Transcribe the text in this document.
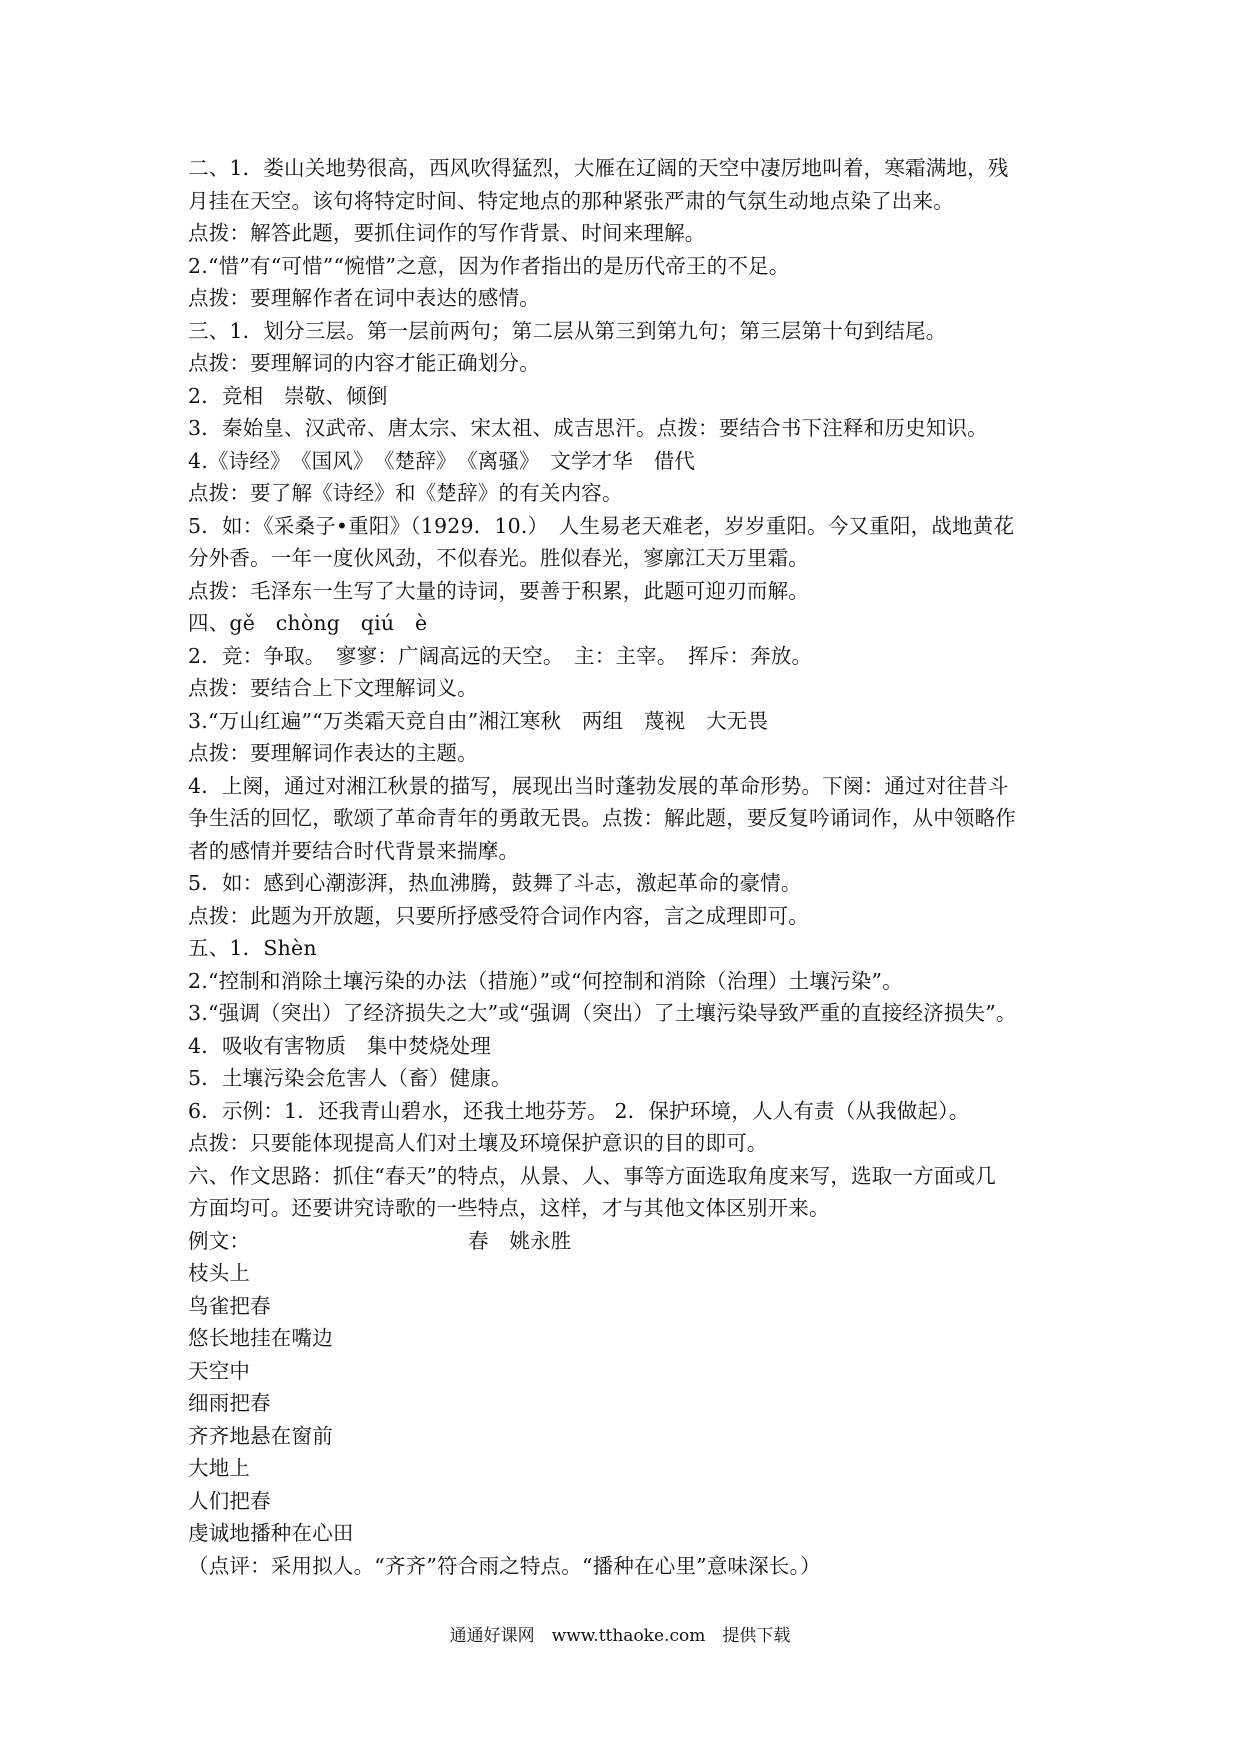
二、1．娄山关地势很高，西风吹得猛烈，大雁在辽阔的天空中凄厉地叫着，寒霜满地，残
月挂在天空。该句将特定时间、特定地点的那种紧张严肃的气氛生动地点染了出来。
点拨：解答此题，要抓住词作的写作背景、时间来理解。
2.“惜”有“可惜”“惋惜”之意，因为作者指出的是历代帝王的不足。
点拨：要理解作者在词中表达的感情。
三、1．划分三层。第一层前两句；第二层从第三到第九句；第三层第十句到结尾。
点拨：要理解词的内容才能正确划分。
2．竞相　崇敬、倾倒
3．秦始皇、汉武帝、唐太宗、宋太祖、成吉思汗。点拨：要结合书下注释和历史知识。
4.《诗经》　《国风》　《楚辞》　《离骚》　文学才华　借代
点拨：要了解《诗经》和《楚辞》的有关内容。
5．如：《采桑子•重阳》（1929．10.）　人生易老天难老，岁岁重阳。今又重阳，战地黄花
分外香。一年一度伙风劲，不似春光。胜似春光，寥廓江天万里霜。
点拨：毛泽东一生写了大量的诗词，要善于积累，此题可迎刃而解。
四、gě　chòng　qiú　è
2．竞：争取。　寥寥：广阔高远的天空。　主：主宰。　挥斥：奔放。
点拨：要结合上下文理解词义。
3.“万山红遍”“万类霜天竞自由”湘江寒秋　两组　蔑视　大无畏
点拨：要理解词作表达的主题。
4．上阕，通过对湘江秋景的描写，展现出当时蓬勃发展的革命形势。下阕：通过对往昔斗
争生活的回忆，歌颂了革命青年的勇敢无畏。点拨：解此题，要反复吟诵词作，从中领略作
者的感情并要结合时代背景来揣摩。
5．如：感到心潮澎湃，热血沸腾，鼓舞了斗志，激起革命的豪情。
点拨：此题为开放题，只要所抒感受符合词作内容，言之成理即可。
五、1．Shèn
2.“控制和消除土壤污染的办法（措施）”或“何控制和消除（治理）土壤污染”。
3.“强调（突出）了经济损失之大”或“强调（突出）了土壤污染导致严重的直接经济损失”。
4．吸收有害物质　集中焚烧处理
5．土壤污染会危害人（畜）健康。
6．示例：1．还我青山碧水，还我土地芬芳。 2．保护环境，人人有责（从我做起）。
点拨：只要能体现提高人们对土壤及环境保护意识的目的即可。
六、作文思路：抓住“春天”的特点，从景、人、事等方面选取角度来写，选取一方面或几
方面均可。还要讲究诗歌的一些特点，这样，才与其他文体区别开来。
例文：	春　姚永胜
枝头上
鸟雀把春
悠长地挂在嘴边
天空中
细雨把春
齐齐地悬在窗前
大地上
人们把春
虔诚地播种在心田
（点评：采用拟人。“齐齐”符合雨之特点。“播种在心里”意味深长。）
通通好课网　www.tthaoke.com　提供下载
